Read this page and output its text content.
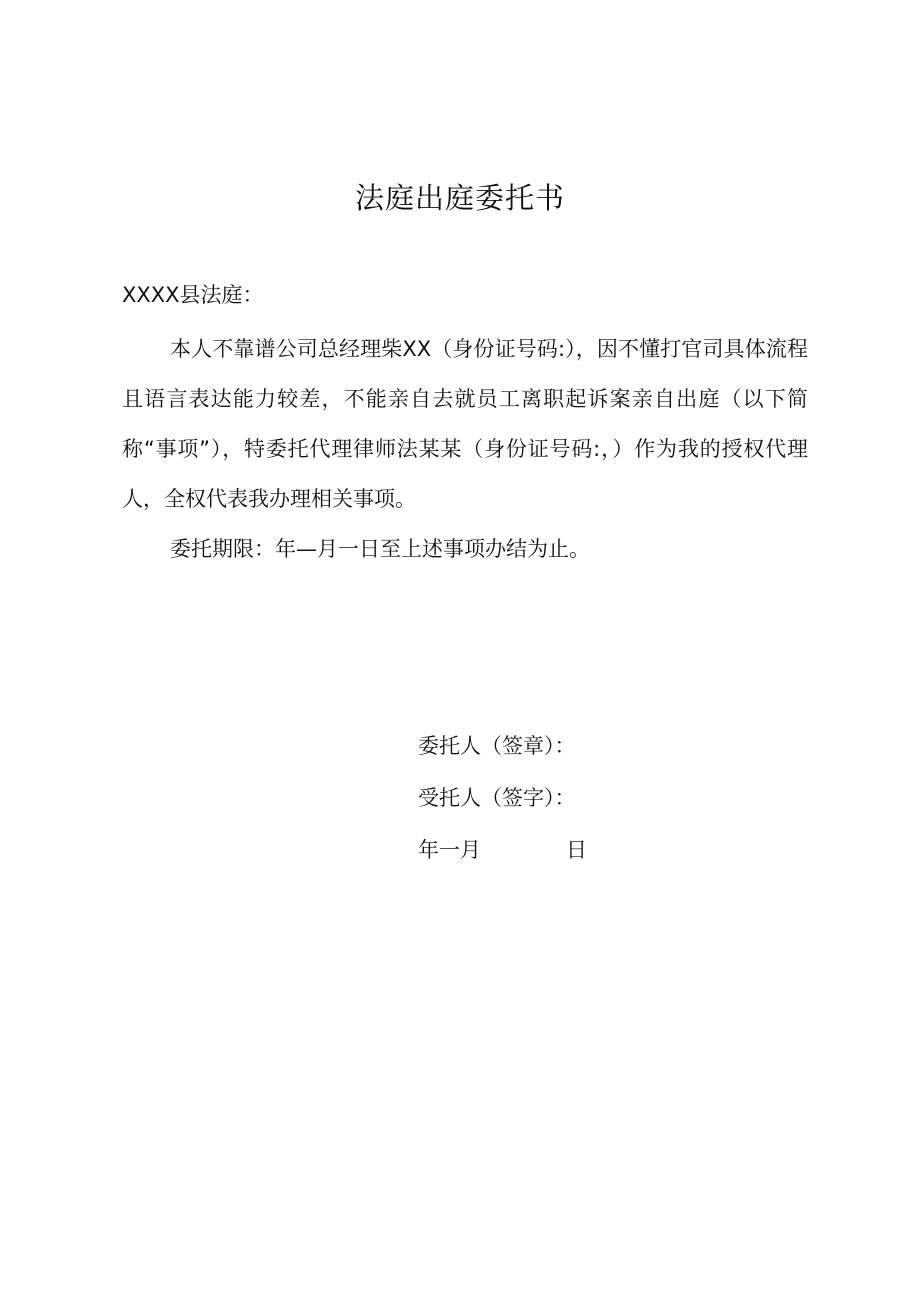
法庭出庭委托书
XXXX县法庭：

本人不靠谱公司总经理柴XX（身份证号码:），因不懂打官司具体流程且语言表达能力较差，不能亲自去就员工离职起诉案亲自出庭（以下简称“事项”），特委托代理律师法某某（身份证号码:，）作为我的授权代理人，全权代表我办理相关事项。

委托期限：年—月一日至上述事项办结为止。

委托人（签章）：
受托人（签字）：
年一月	日
